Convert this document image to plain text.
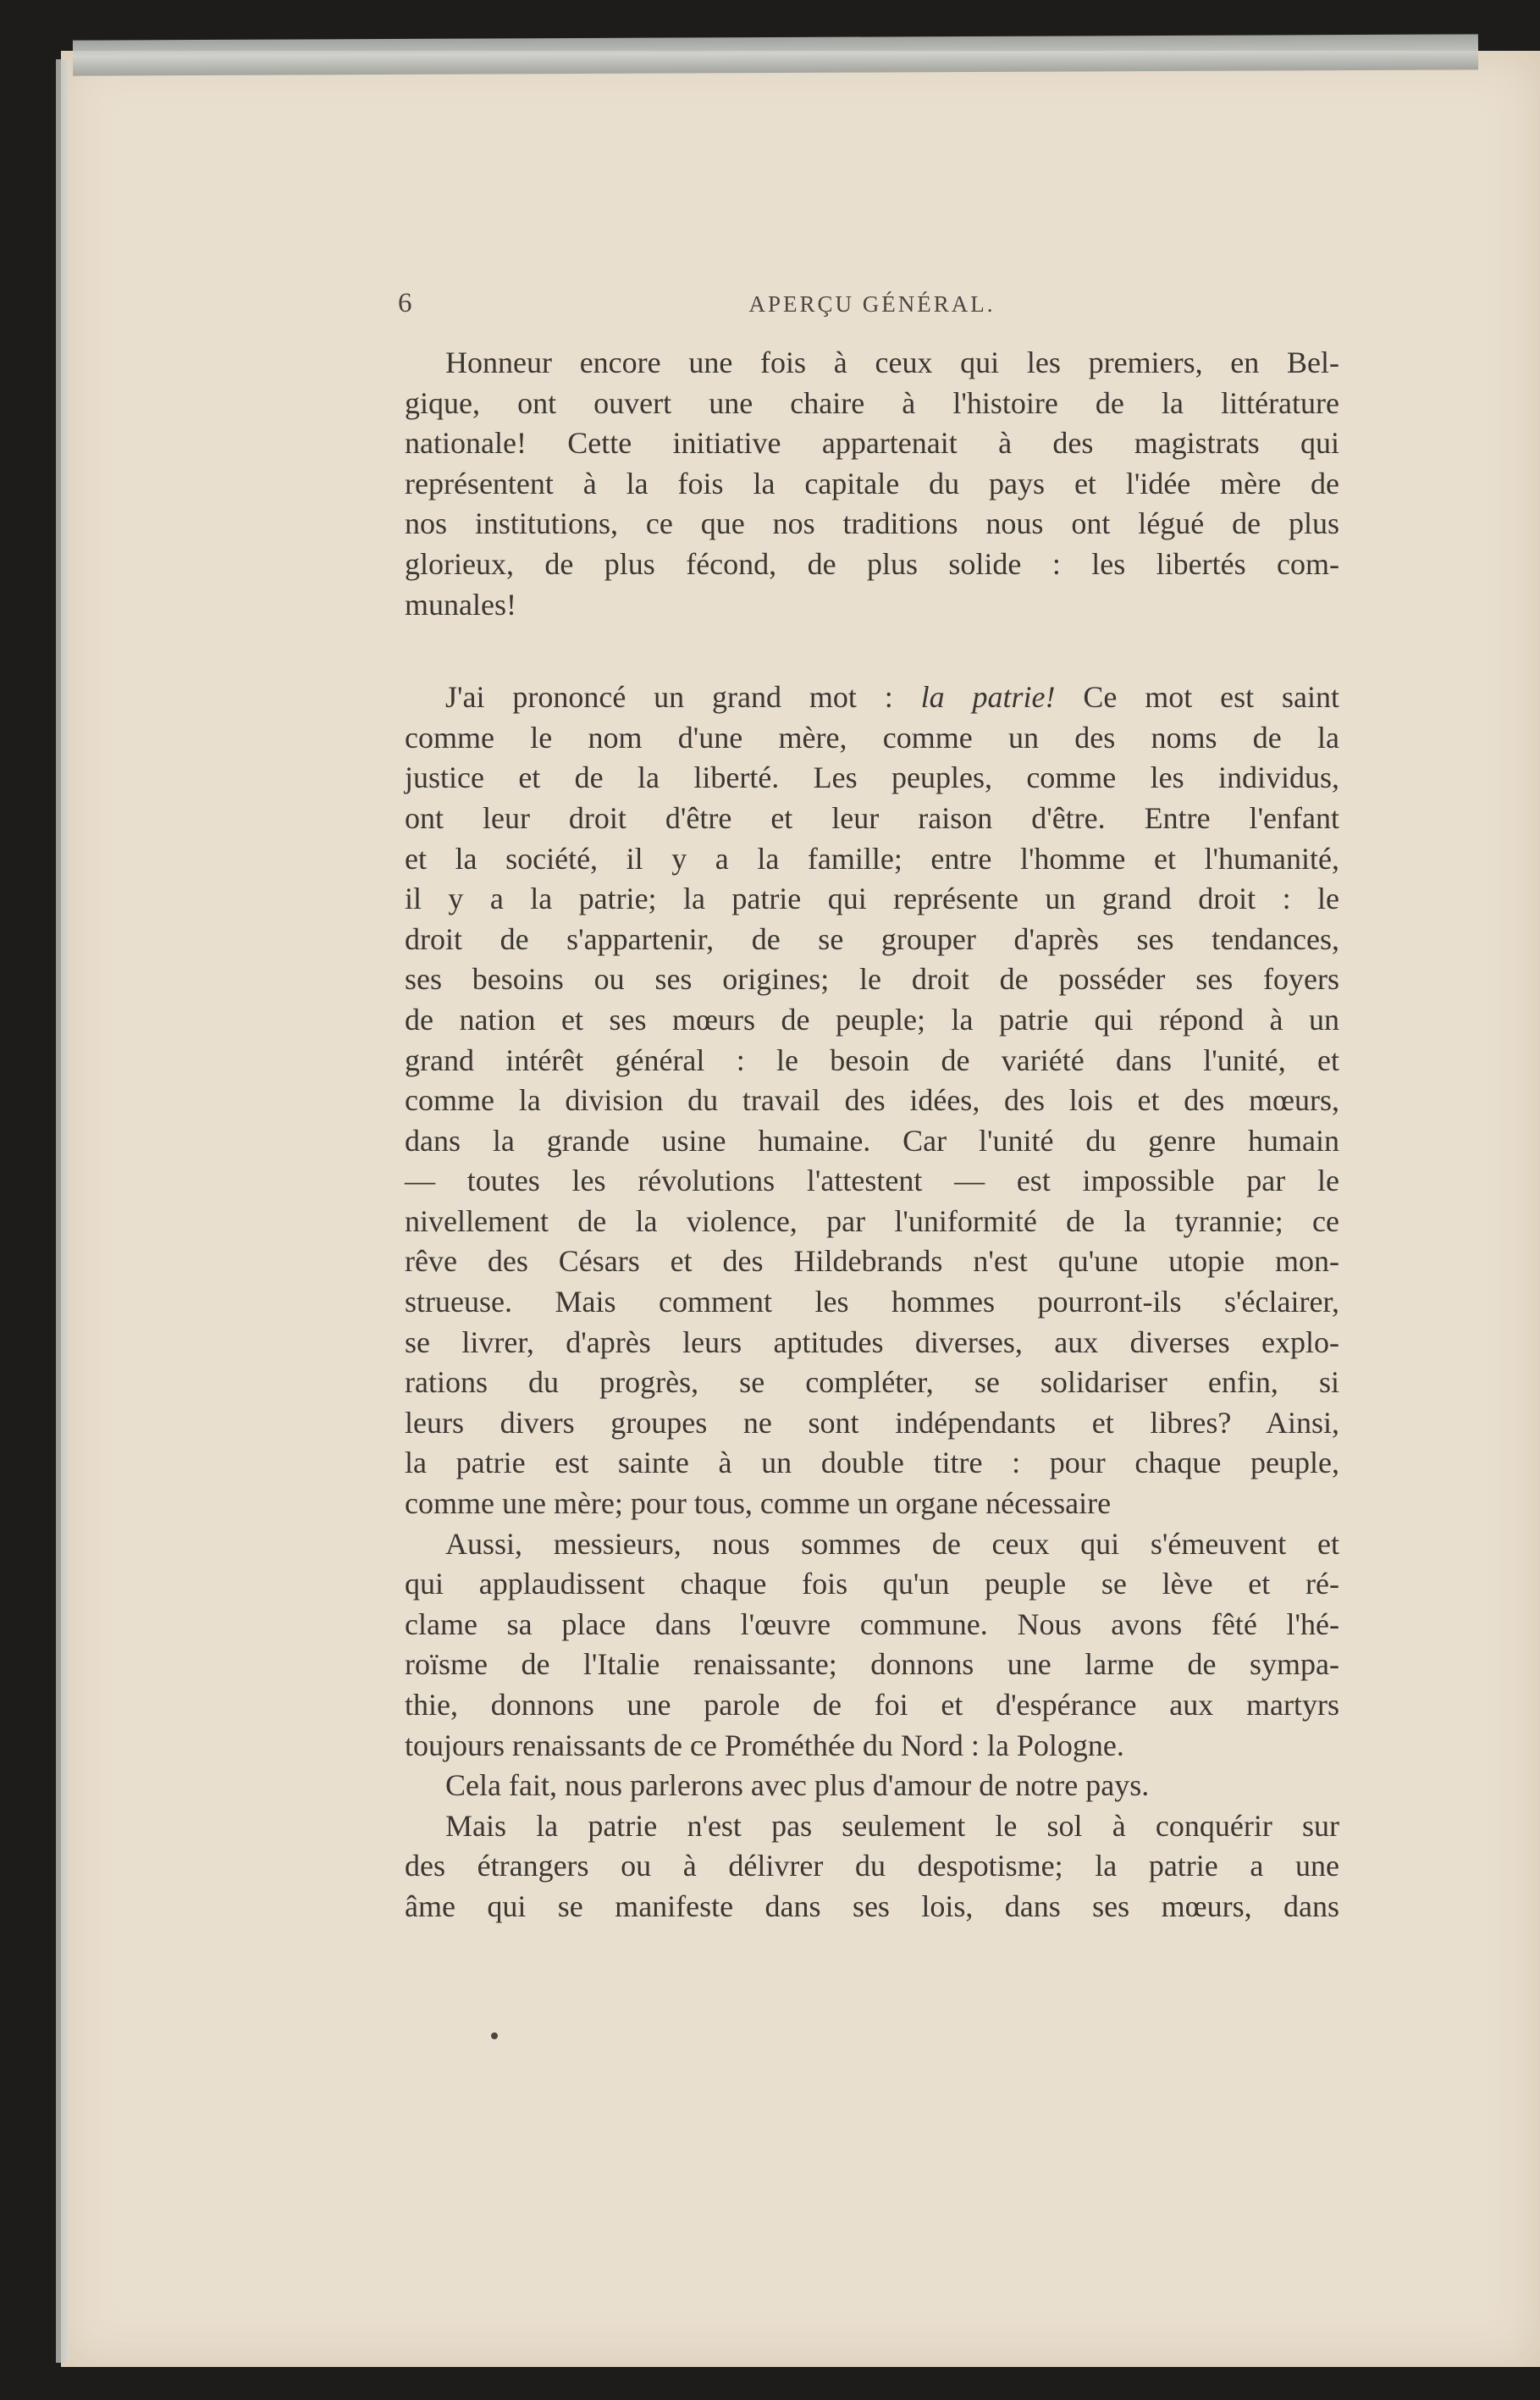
6	APERÇU GÉNÉRAL.
Honneur encore une fois à ceux qui les premiers, en Bel-
gique, ont ouvert une chaire à l'histoire de la littérature
nationale! Cette initiative appartenait à des magistrats qui
représentent à la fois la capitale du pays et l'idée mère de
nos institutions, ce que nos traditions nous ont légué de plus
glorieux, de plus fécond, de plus solide : les libertés com-
munales!
J'ai prononcé un grand mot : la patrie! Ce mot est saint
comme le nom d'une mère, comme un des noms de la
justice et de la liberté. Les peuples, comme les individus,
ont leur droit d'être et leur raison d'être. Entre l'enfant
et la société, il y a la famille; entre l'homme et l'humanité,
il y a la patrie; la patrie qui représente un grand droit : le
droit de s'appartenir, de se grouper d'après ses tendances,
ses besoins ou ses origines; le droit de posséder ses foyers
de nation et ses mœurs de peuple; la patrie qui répond à un
grand intérêt général : le besoin de variété dans l'unité, et
comme la division du travail des idées, des lois et des mœurs,
dans la grande usine humaine. Car l'unité du genre humain
— toutes les révolutions l'attestent — est impossible par le
nivellement de la violence, par l'uniformité de la tyrannie; ce
rêve des Césars et des Hildebrands n'est qu'une utopie mon-
strueuse. Mais comment les hommes pourront-ils s'éclairer,
se livrer, d'après leurs aptitudes diverses, aux diverses explo-
rations du progrès, se compléter, se solidariser enfin, si
leurs divers groupes ne sont indépendants et libres? Ainsi,
la patrie est sainte à un double titre : pour chaque peuple,
comme une mère; pour tous, comme un organe nécessaire
Aussi, messieurs, nous sommes de ceux qui s'émeuvent et
qui applaudissent chaque fois qu'un peuple se lève et ré-
clame sa place dans l'œuvre commune. Nous avons fêté l'hé-
roïsme de l'Italie renaissante; donnons une larme de sympa-
thie, donnons une parole de foi et d'espérance aux martyrs
toujours renaissants de ce Prométhée du Nord : la Pologne.
Cela fait, nous parlerons avec plus d'amour de notre pays.
Mais la patrie n'est pas seulement le sol à conquérir sur
des étrangers ou à délivrer du despotisme; la patrie a une
âme qui se manifeste dans ses lois, dans ses mœurs, dans
